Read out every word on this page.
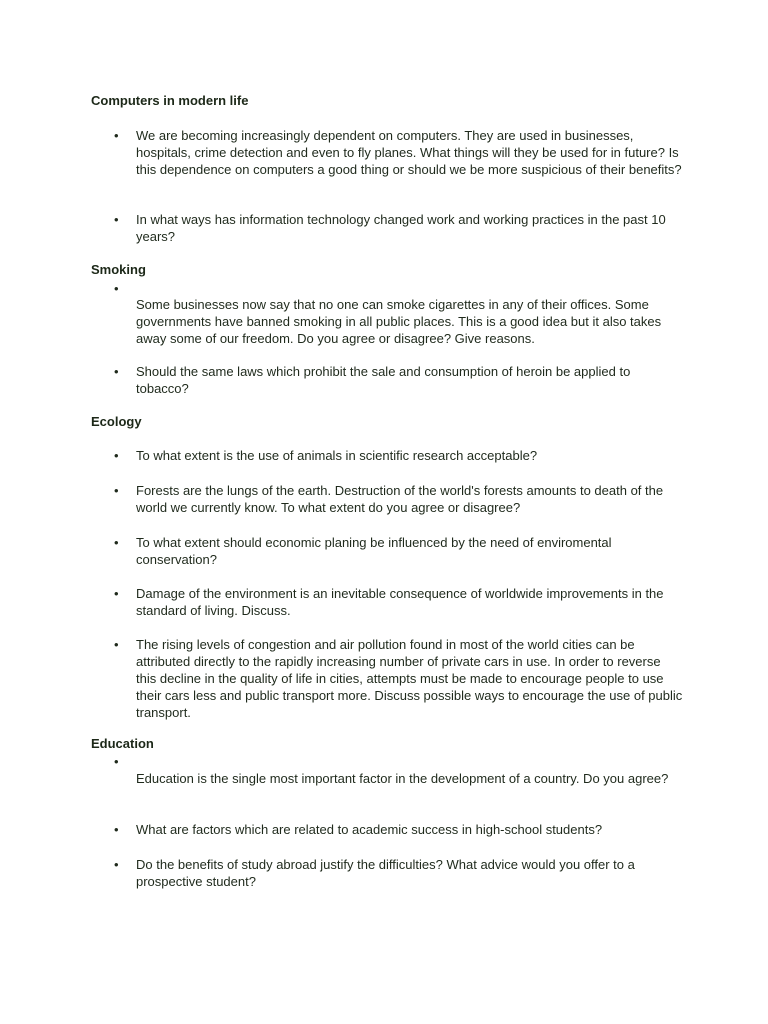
Computers in modern life
• We are becoming increasingly dependent on computers. They are used in businesses, hospitals, crime detection and even to fly planes. What things will they be used for in future? Is this dependence on computers a good thing or should we be more suspicious of their benefits?
• In what ways has information technology changed work and working practices in the past 10 years?
Smoking
•
Some businesses now say that no one can smoke cigarettes in any of their offices. Some governments have banned smoking in all public places. This is a good idea but it also takes away some of our freedom. Do you agree or disagree? Give reasons.
• Should the same laws which prohibit the sale and consumption of heroin be applied to tobacco?
Ecology
• To what extent is the use of animals in scientific research acceptable?
• Forests are the lungs of the earth. Destruction of the world's forests amounts to death of the world we currently know. To what extent do you agree or disagree?
• To what extent should economic planing be influenced by the need of enviromental conservation?
• Damage of the environment is an inevitable consequence of worldwide improvements in the standard of living. Discuss.
• The rising levels of congestion and air pollution found in most of the world cities can be attributed directly to the rapidly increasing number of private cars in use. In order to reverse this decline in the quality of life in cities, attempts must be made to encourage people to use their cars less and public transport more. Discuss possible ways to encourage the use of public transport.
Education
•
Education is the single most important factor in the development of a country. Do you agree?
• What are factors which are related to academic success in high-school students?
• Do the benefits of study abroad justify the difficulties? What advice would you offer to a prospective student?
